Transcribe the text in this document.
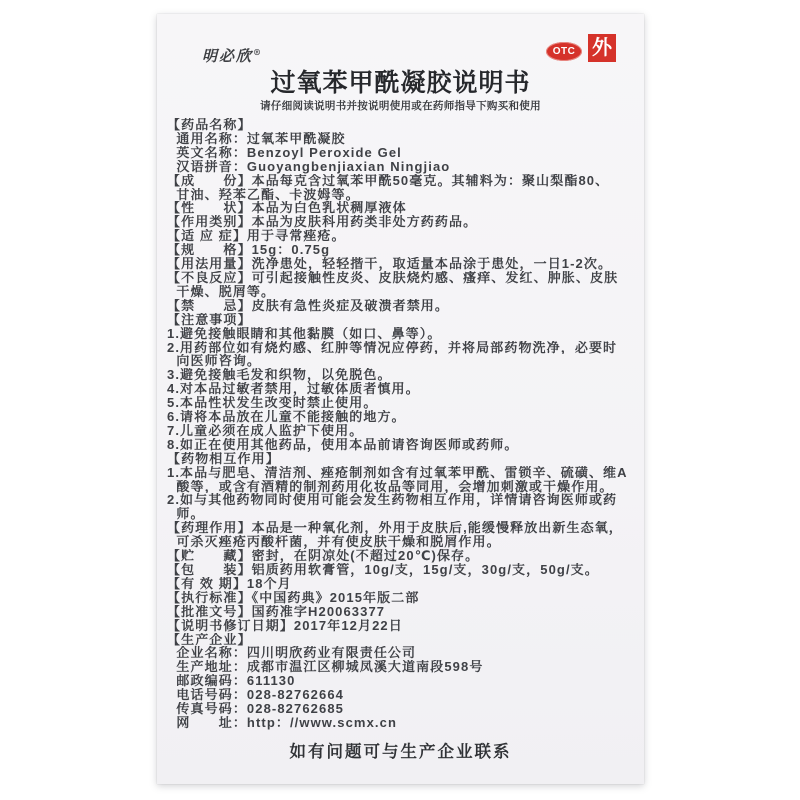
明必欣®	OTC 外
过氧苯甲酰凝胶说明书
请仔细阅读说明书并按说明使用或在药师指导下购买和使用
【药品名称】
通用名称：过氧苯甲酰凝胶
英文名称：Benzoyl Peroxide Gel
汉语拼音：Guoyangbenjiaxian Ningjiao
【成　　份】本品每克含过氧苯甲酰50毫克。其辅料为：聚山梨酯80、
甘油、羟苯乙酯、卡波姆等。
【性　　状】本品为白色乳状稠厚液体
【作用类别】本品为皮肤科用药类非处方药药品。
【适 应 症】用于寻常痤疮。
【规　　格】15g：0.75g
【用法用量】洗净患处，轻轻揩干，取适量本品涂于患处，一日1-2次。
【不良反应】可引起接触性皮炎、皮肤烧灼感、瘙痒、发红、肿胀、皮肤
干燥、脱屑等。
【禁　　忌】皮肤有急性炎症及破溃者禁用。
【注意事项】
1.避免接触眼睛和其他黏膜（如口、鼻等）。
2.用药部位如有烧灼感、红肿等情况应停药，并将局部药物洗净，必要时
向医师咨询。
3.避免接触毛发和织物，以免脱色。
4.对本品过敏者禁用，过敏体质者慎用。
5.本品性状发生改变时禁止使用。
6.请将本品放在儿童不能接触的地方。
7.儿童必须在成人监护下使用。
8.如正在使用其他药品，使用本品前请咨询医师或药师。
【药物相互作用】
1.本品与肥皂、清洁剂、痤疮制剂如含有过氧苯甲酰、雷锁辛、硫磺、维A
酸等，或含有酒精的制剂药用化妆品等同用，会增加刺激或干燥作用。
2.如与其他药物同时使用可能会发生药物相互作用，详情请咨询医师或药
师。
【药理作用】本品是一种氧化剂，外用于皮肤后,能缓慢释放出新生态氧，
可杀灭痤疮丙酸杆菌，并有使皮肤干燥和脱屑作用。
【贮　　藏】密封，在阴凉处(不超过20℃)保存。
【包　　装】铝质药用软膏管，10g/支，15g/支，30g/支，50g/支。
【有 效 期】18个月
【执行标准】《中国药典》2015年版二部
【批准文号】国药准字H20063377
【说明书修订日期】2017年12月22日
【生产企业】
企业名称：四川明欣药业有限责任公司
生产地址：成都市温江区柳城凤溪大道南段598号
邮政编码：611130
电话号码：028-82762664
传真号码：028-82762685
网　　址：http：//www.scmx.cn
如有问题可与生产企业联系
